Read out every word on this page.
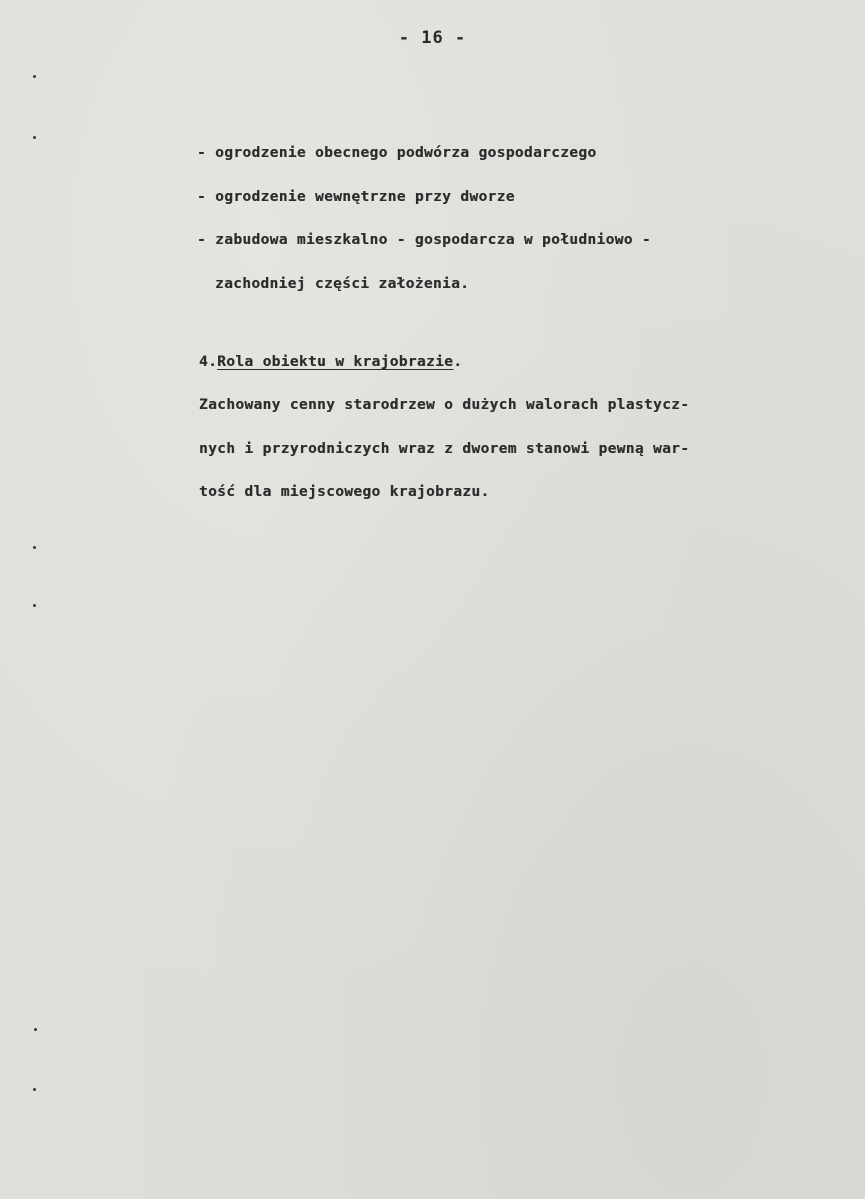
- 16 -
- ogrodzenie obecnego podwórza gospodarczego
- ogrodzenie wewnętrzne przy dworze
- zabudowa mieszkalno - gospodarcza w południowo -
zachodniej części założenia.
4.Rola obiektu w krajobrazie.
Zachowany cenny starodrzew o dużych walorach plastycz-
nych i przyrodniczych wraz z dworem stanowi pewną war-
tość dla miejscowego krajobrazu.
